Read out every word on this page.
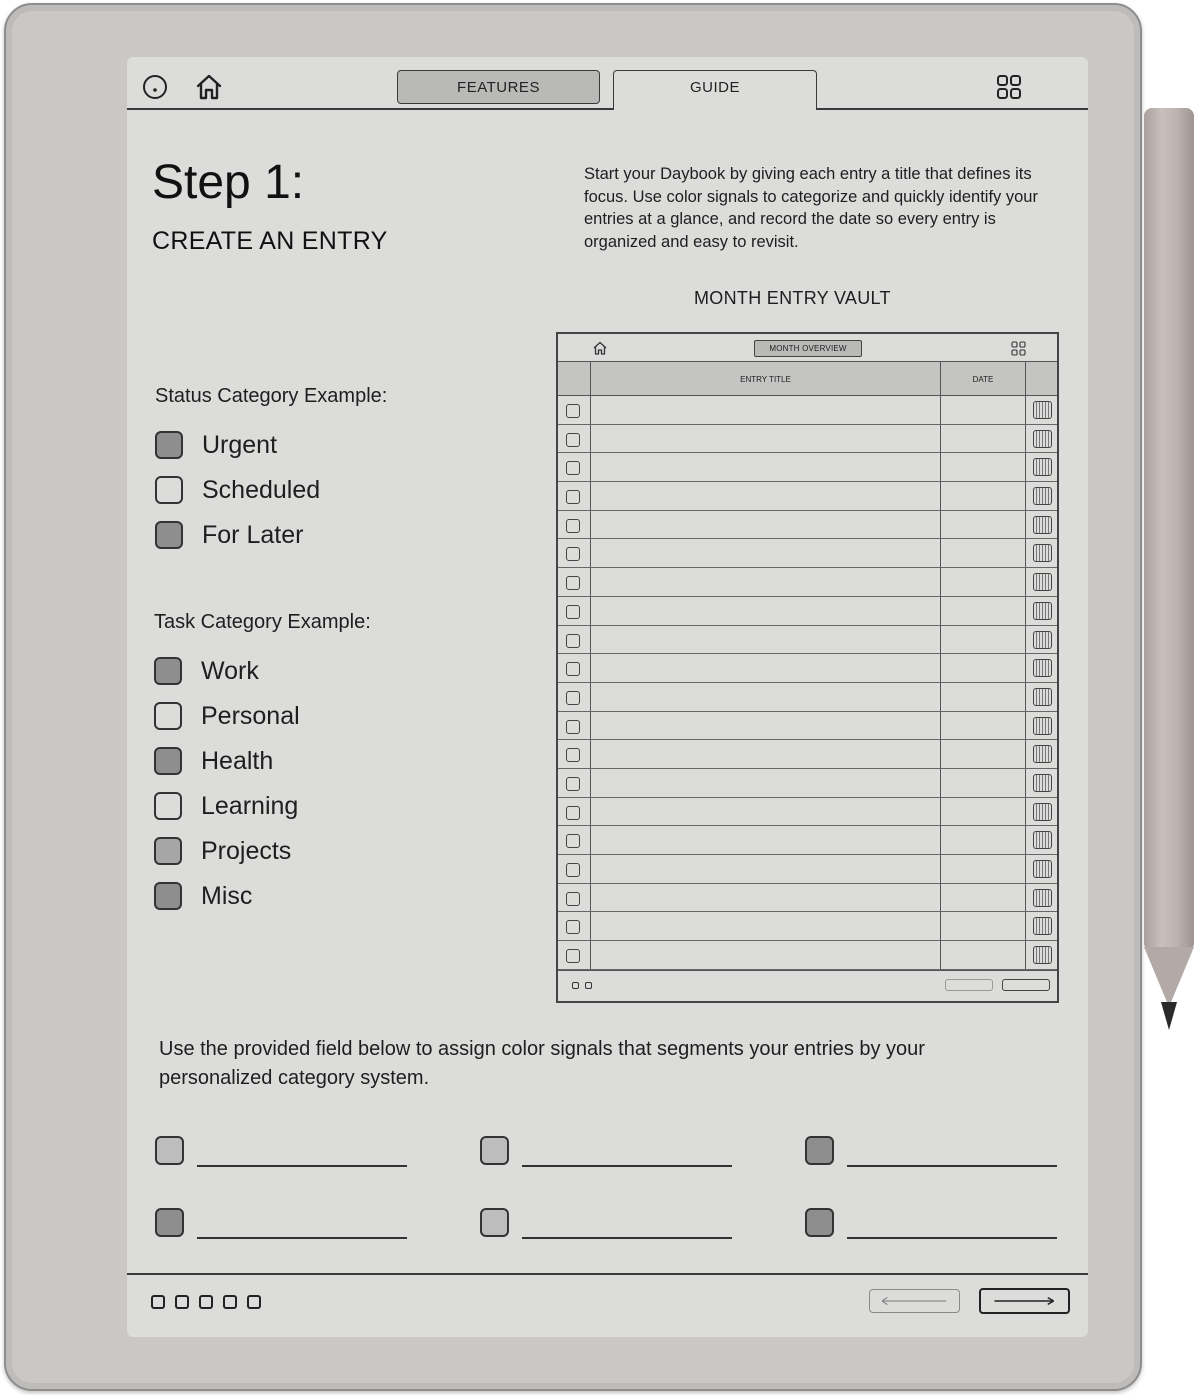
FEATURES	GUIDE
Step 1:
CREATE AN ENTRY
Start your Daybook by giving each entry a title that defines its focus. Use color signals to categorize and quickly identify your entries at a glance, and record the date so every entry is organized and easy to revisit.
Status Category Example:
Urgent
Scheduled
For Later
Task Category Example:
Work
Personal
Health
Learning
Projects
Misc
MONTH ENTRY VAULT
MONTH OVERVIEW
ENTRY TITLE	DATE
Use the provided field below to assign color signals that segments your entries by your personalized category system.
